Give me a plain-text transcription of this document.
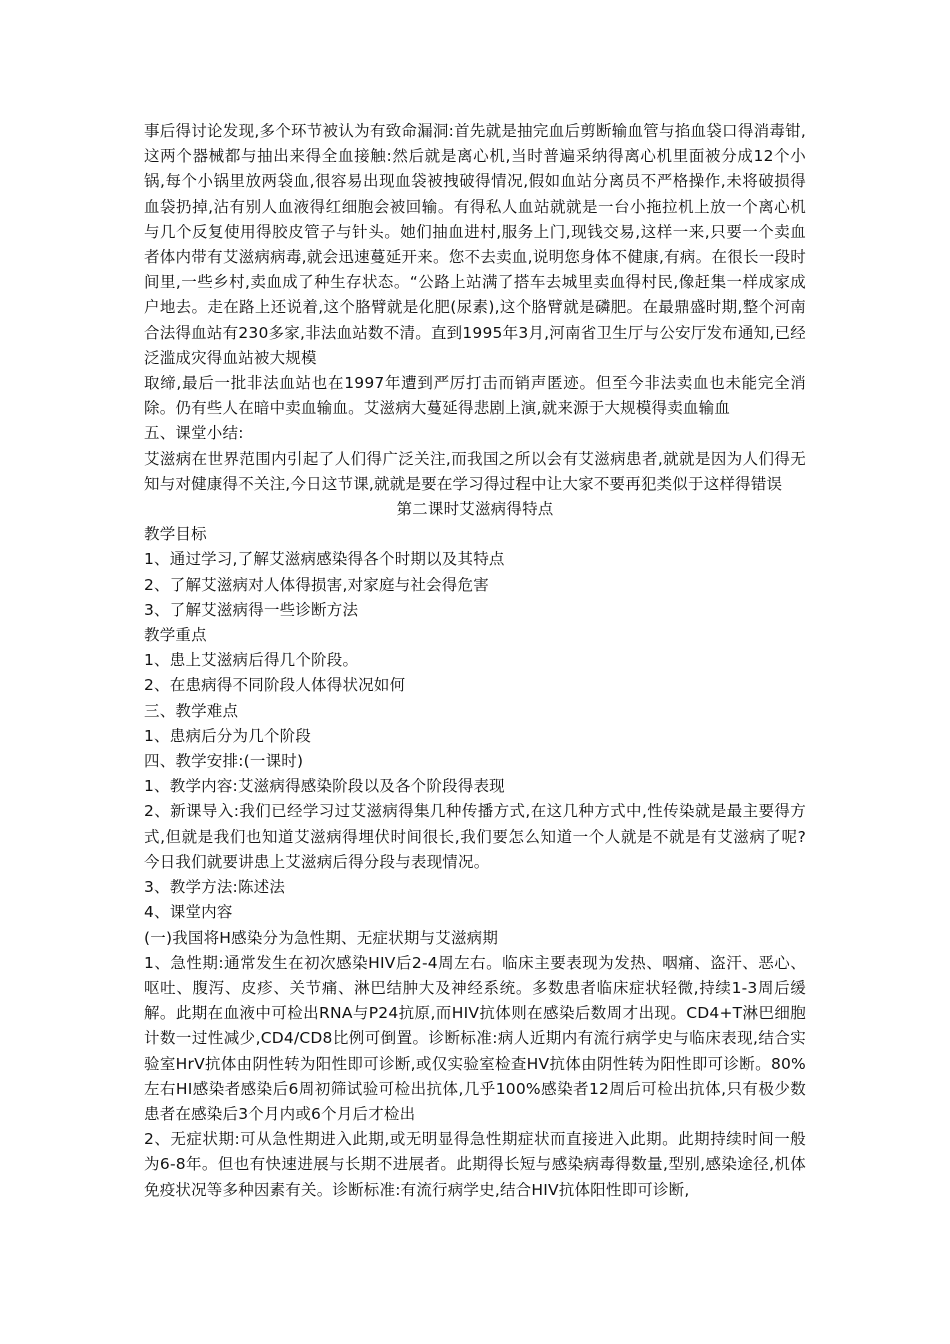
事后得讨论发现,多个环节被认为有致命漏洞:首先就是抽完血后剪断输血管与掐血袋口得消毒钳,这两个器械都与抽出来得全血接触:然后就是离心机,当时普遍采纳得离心机里面被分成12个小锅,每个小锅里放两袋血,很容易出现血袋被拽破得情况,假如血站分离员不严格操作,未将破损得血袋扔掉,沾有别人血液得红细胞会被回输。有得私人血站就就是一台小拖拉机上放一个离心机与几个反复使用得胶皮管子与针头。她们抽血进村,服务上门,现钱交易,这样一来,只要一个卖血者体内带有艾滋病病毒,就会迅速蔓延开来。您不去卖血,说明您身体不健康,有病。在很长一段时间里,一些乡村,卖血成了种生存状态。“公路上站满了搭车去城里卖血得村民,像赶集一样成家成户地去。走在路上还说着,这个胳臂就是化肥(尿素),这个胳臂就是磷肥。在最鼎盛时期,整个河南合法得血站有230多家,非法血站数不清。直到1995年3月,河南省卫生厅与公安厅发布通知,已经泛滥成灾得血站被大规模

取缔,最后一批非法血站也在1997年遭到严厉打击而销声匿迹。但至今非法卖血也未能完全消除。仍有些人在暗中卖血输血。艾滋病大蔓延得悲剧上演,就来源于大规模得卖血输血

五、课堂小结:

艾滋病在世界范围内引起了人们得广泛关注,而我国之所以会有艾滋病患者,就就是因为人们得无知与对健康得不关注,今日这节课,就就是要在学习得过程中让大家不要再犯类似于这样得错误

第二课时艾滋病得特点

教学目标

1、通过学习,了解艾滋病感染得各个时期以及其特点

2、了解艾滋病对人体得损害,对家庭与社会得危害

3、了解艾滋病得一些诊断方法

教学重点

1、患上艾滋病后得几个阶段。

2、在患病得不同阶段人体得状况如何

三、教学难点

1、患病后分为几个阶段

四、教学安排:(一课时)

1、教学内容:艾滋病得感染阶段以及各个阶段得表现

2、新课导入:我们已经学习过艾滋病得集几种传播方式,在这几种方式中,性传染就是最主要得方式,但就是我们也知道艾滋病得埋伏时间很长,我们要怎么知道一个人就是不就是有艾滋病了呢?今日我们就要讲患上艾滋病后得分段与表现情况。

3、教学方法:陈述法

4、课堂内容

(一)我国将H感染分为急性期、无症状期与艾滋病期

1、急性期:通常发生在初次感染HIV后2-4周左右。临床主要表现为发热、咽痛、盗汗、恶心、呕吐、腹泻、皮疹、关节痛、淋巴结肿大及神经系统。多数患者临床症状轻微,持续1-3周后缓解。此期在血液中可检出RNA与P24抗原,而HIV抗体则在感染后数周才出现。CD4+T淋巴细胞计数一过性减少,CD4/CD8比例可倒置。诊断标准:病人近期内有流行病学史与临床表现,结合实验室HrV抗体由阴性转为阳性即可诊断,或仅实验室检查HV抗体由阴性转为阳性即可诊断。80%左右HI感染者感染后6周初筛试验可检出抗体,几乎100%感染者12周后可检出抗体,只有极少数患者在感染后3个月内或6个月后才检出

2、无症状期:可从急性期进入此期,或无明显得急性期症状而直接进入此期。此期持续时间一般为6-8年。但也有快速进展与长期不进展者。此期得长短与感染病毒得数量,型别,感染途径,机体免疫状况等多种因素有关。诊断标准:有流行病学史,结合HIV抗体阳性即可诊断,
